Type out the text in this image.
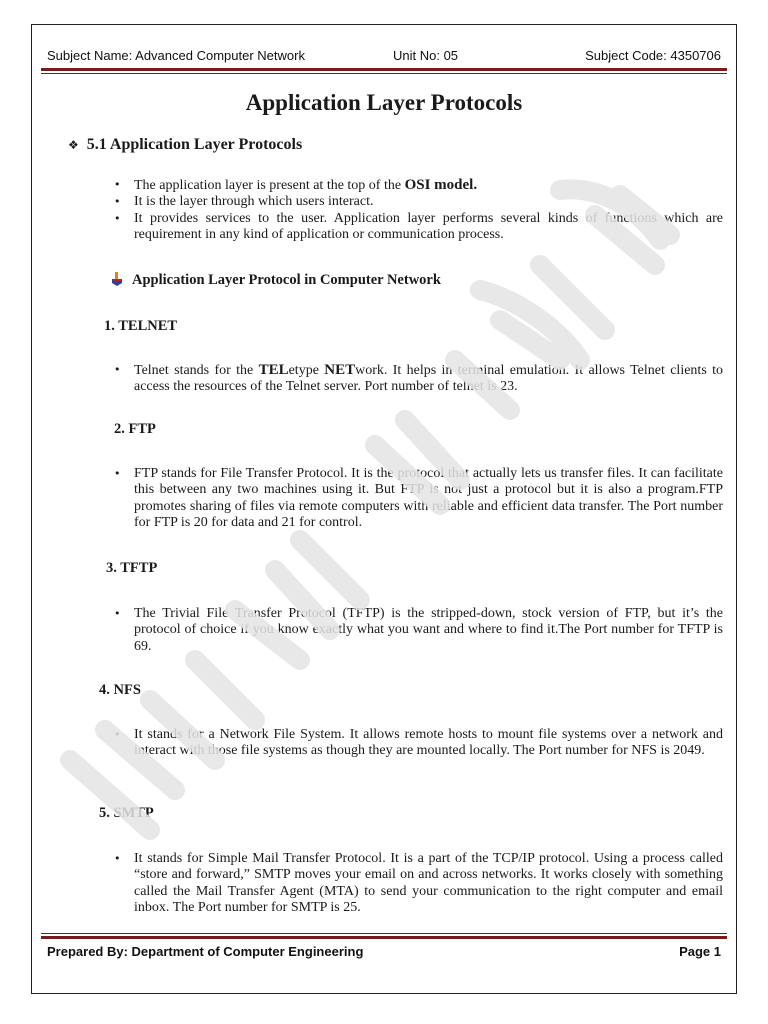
Subject Name: Advanced Computer Network	Unit No: 05	Subject Code: 4350706
Application Layer Protocols
❖ 5.1 Application Layer Protocols
• The application layer is present at the top of the OSI model.
• It is the layer through which users interact.
• It provides services to the user. Application layer performs several kinds of functions which are requirement in any kind of application or communication process.
Application Layer Protocol in Computer Network
1. TELNET
• Telnet stands for the TELetype NETwork. It helps in terminal emulation. It allows Telnet clients to access the resources of the Telnet server. Port number of telnet is 23.
2. FTP
• FTP stands for File Transfer Protocol. It is the protocol that actually lets us transfer files. It can facilitate this between any two machines using it. But FTP is not just a protocol but it is also a program.FTP promotes sharing of files via remote computers with reliable and efficient data transfer. The Port number for FTP is 20 for data and 21 for control.
3. TFTP
• The Trivial File Transfer Protocol (TFTP) is the stripped-down, stock version of FTP, but it’s the protocol of choice if you know exactly what you want and where to find it.The Port number for TFTP is 69.
4. NFS
• It stands for a Network File System. It allows remote hosts to mount file systems over a network and interact with those file systems as though they are mounted locally. The Port number for NFS is 2049.
5. SMTP
• It stands for Simple Mail Transfer Protocol. It is a part of the TCP/IP protocol. Using a process called “store and forward,” SMTP moves your email on and across networks. It works closely with something called the Mail Transfer Agent (MTA) to send your communication to the right computer and email inbox. The Port number for SMTP is 25.
Prepared By: Department of Computer Engineering	Page 1
